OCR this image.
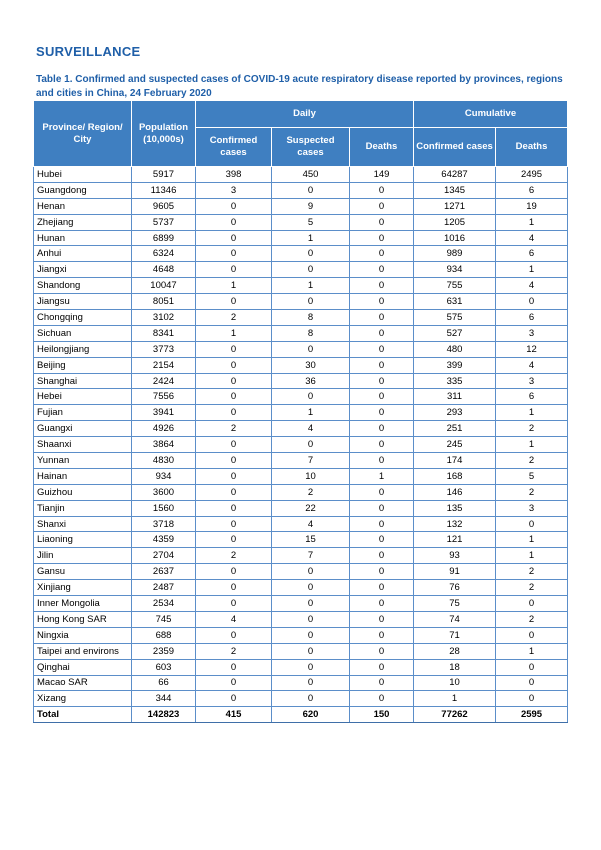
SURVEILLANCE
Table 1. Confirmed and suspected cases of COVID-19 acute respiratory disease reported by provinces, regions and cities in China, 24 February 2020
Province/ Region/ City	Population (10,000s)	Daily			Cumulative	
		Confirmed cases	Suspected cases	Deaths	Confirmed cases	Deaths
Hubei	5917	398	450	149	64287	2495
Guangdong	11346	3	0	0	1345	6
Henan	9605	0	9	0	1271	19
Zhejiang	5737	0	5	0	1205	1
Hunan	6899	0	1	0	1016	4
Anhui	6324	0	0	0	989	6
Jiangxi	4648	0	0	0	934	1
Shandong	10047	1	1	0	755	4
Jiangsu	8051	0	0	0	631	0
Chongqing	3102	2	8	0	575	6
Sichuan	8341	1	8	0	527	3
Heilongjiang	3773	0	0	0	480	12
Beijing	2154	0	30	0	399	4
Shanghai	2424	0	36	0	335	3
Hebei	7556	0	0	0	311	6
Fujian	3941	0	1	0	293	1
Guangxi	4926	2	4	0	251	2
Shaanxi	3864	0	0	0	245	1
Yunnan	4830	0	7	0	174	2
Hainan	934	0	10	1	168	5
Guizhou	3600	0	2	0	146	2
Tianjin	1560	0	22	0	135	3
Shanxi	3718	0	4	0	132	0
Liaoning	4359	0	15	0	121	1
Jilin	2704	2	7	0	93	1
Gansu	2637	0	0	0	91	2
Xinjiang	2487	0	0	0	76	2
Inner Mongolia	2534	0	0	0	75	0
Hong Kong SAR	745	4	0	0	74	2
Ningxia	688	0	0	0	71	0
Taipei and environs	2359	2	0	0	28	1
Qinghai	603	0	0	0	18	0
Macao SAR	66	0	0	0	10	0
Xizang	344	0	0	0	1	0
Total	142823	415	620	150	77262	2595
